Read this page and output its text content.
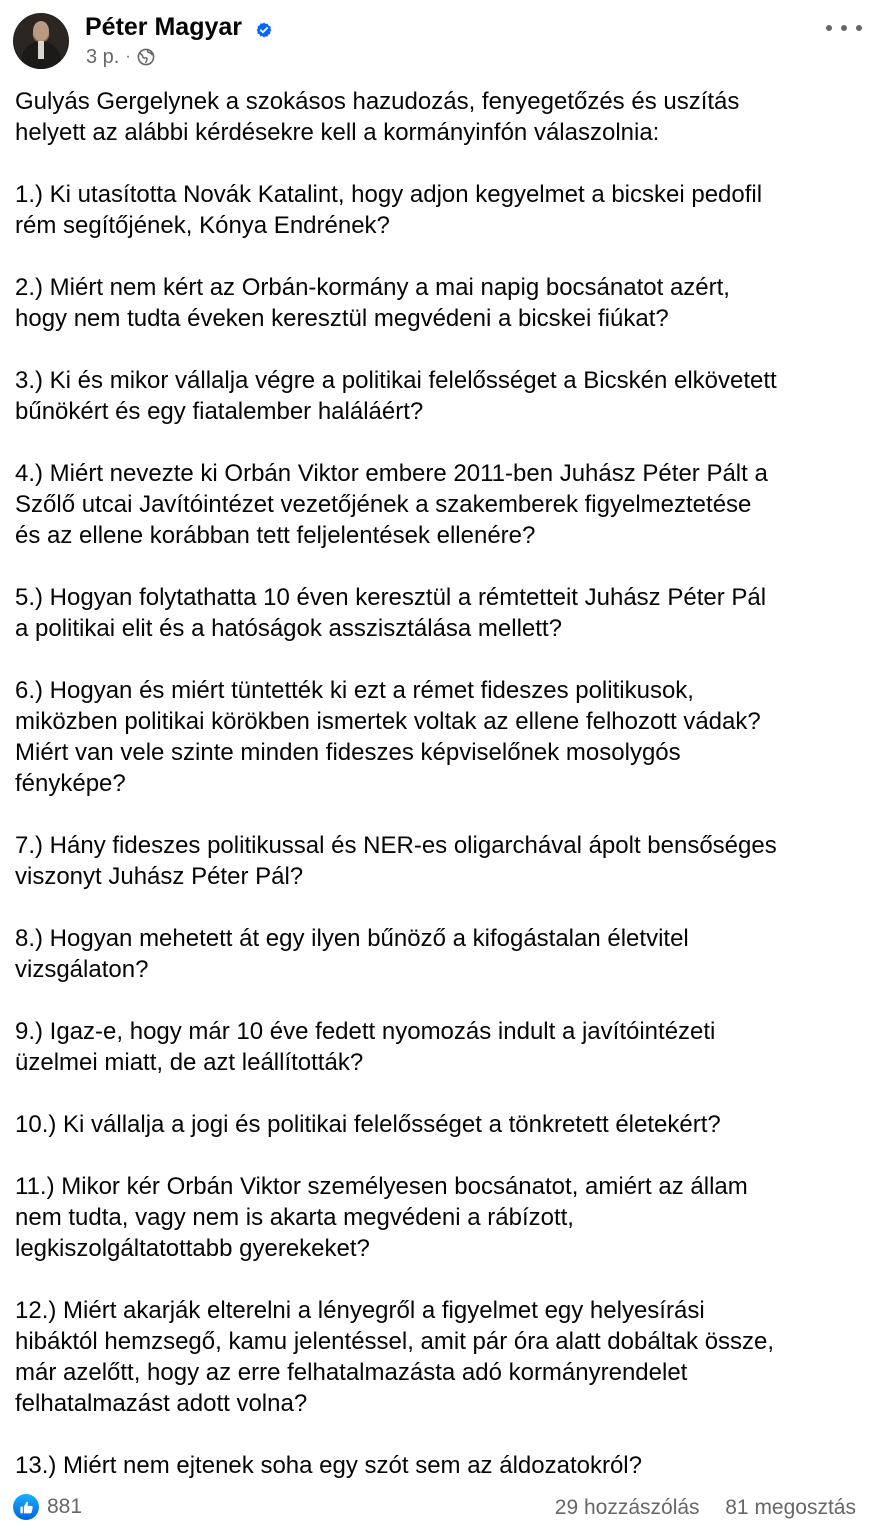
Péter Magyar
3 p. ·

Gulyás Gergelynek a szokásos hazudozás, fenyegetőzés és uszítás
helyett az alábbi kérdésekre kell a kormányinfón válaszolnia:

1.) Ki utasította Novák Katalint, hogy adjon kegyelmet a bicskei pedofil
rém segítőjének, Kónya Endrének?

2.) Miért nem kért az Orbán-kormány a mai napig bocsánatot azért,
hogy nem tudta éveken keresztül megvédeni a bicskei fiúkat?

3.) Ki és mikor vállalja végre a politikai felelősséget a Bicskén elkövetett
bűnökért és egy fiatalember haláláért?

4.) Miért nevezte ki Orbán Viktor embere 2011-ben Juhász Péter Pált a
Szőlő utcai Javítóintézet vezetőjének a szakemberek figyelmeztetése
és az ellene korábban tett feljelentések ellenére?

5.) Hogyan folytathatta 10 éven keresztül a rémtetteit Juhász Péter Pál
a politikai elit és a hatóságok asszisztálása mellett?

6.) Hogyan és miért tüntették ki ezt a rémet fideszes politikusok,
miközben politikai körökben ismertek voltak az ellene felhozott vádak?
Miért van vele szinte minden fideszes képviselőnek mosolygós
fényképe?

7.) Hány fideszes politikussal és NER-es oligarchával ápolt bensőséges
viszonyt Juhász Péter Pál?

8.) Hogyan mehetett át egy ilyen bűnöző a kifogástalan életvitel
vizsgálaton?

9.) Igaz-e, hogy már 10 éve fedett nyomozás indult a javítóintézeti
üzelmei miatt, de azt leállították?

10.) Ki vállalja a jogi és politikai felelősséget a tönkretett életekért?

11.) Mikor kér Orbán Viktor személyesen bocsánatot, amiért az állam
nem tudta, vagy nem is akarta megvédeni a rábízott,
legkiszolgáltatottabb gyerekeket?

12.) Miért akarják elterelni a lényegről a figyelmet egy helyesírási
hibáktól hemzsegő, kamu jelentéssel, amit pár óra alatt dobáltak össze,
már azelőtt, hogy az erre felhatalmazásta adó kormányrendelet
felhatalmazást adott volna?

13.) Miért nem ejtenek soha egy szót sem az áldozatokról?

881	29 hozzászólás 81 megosztás
